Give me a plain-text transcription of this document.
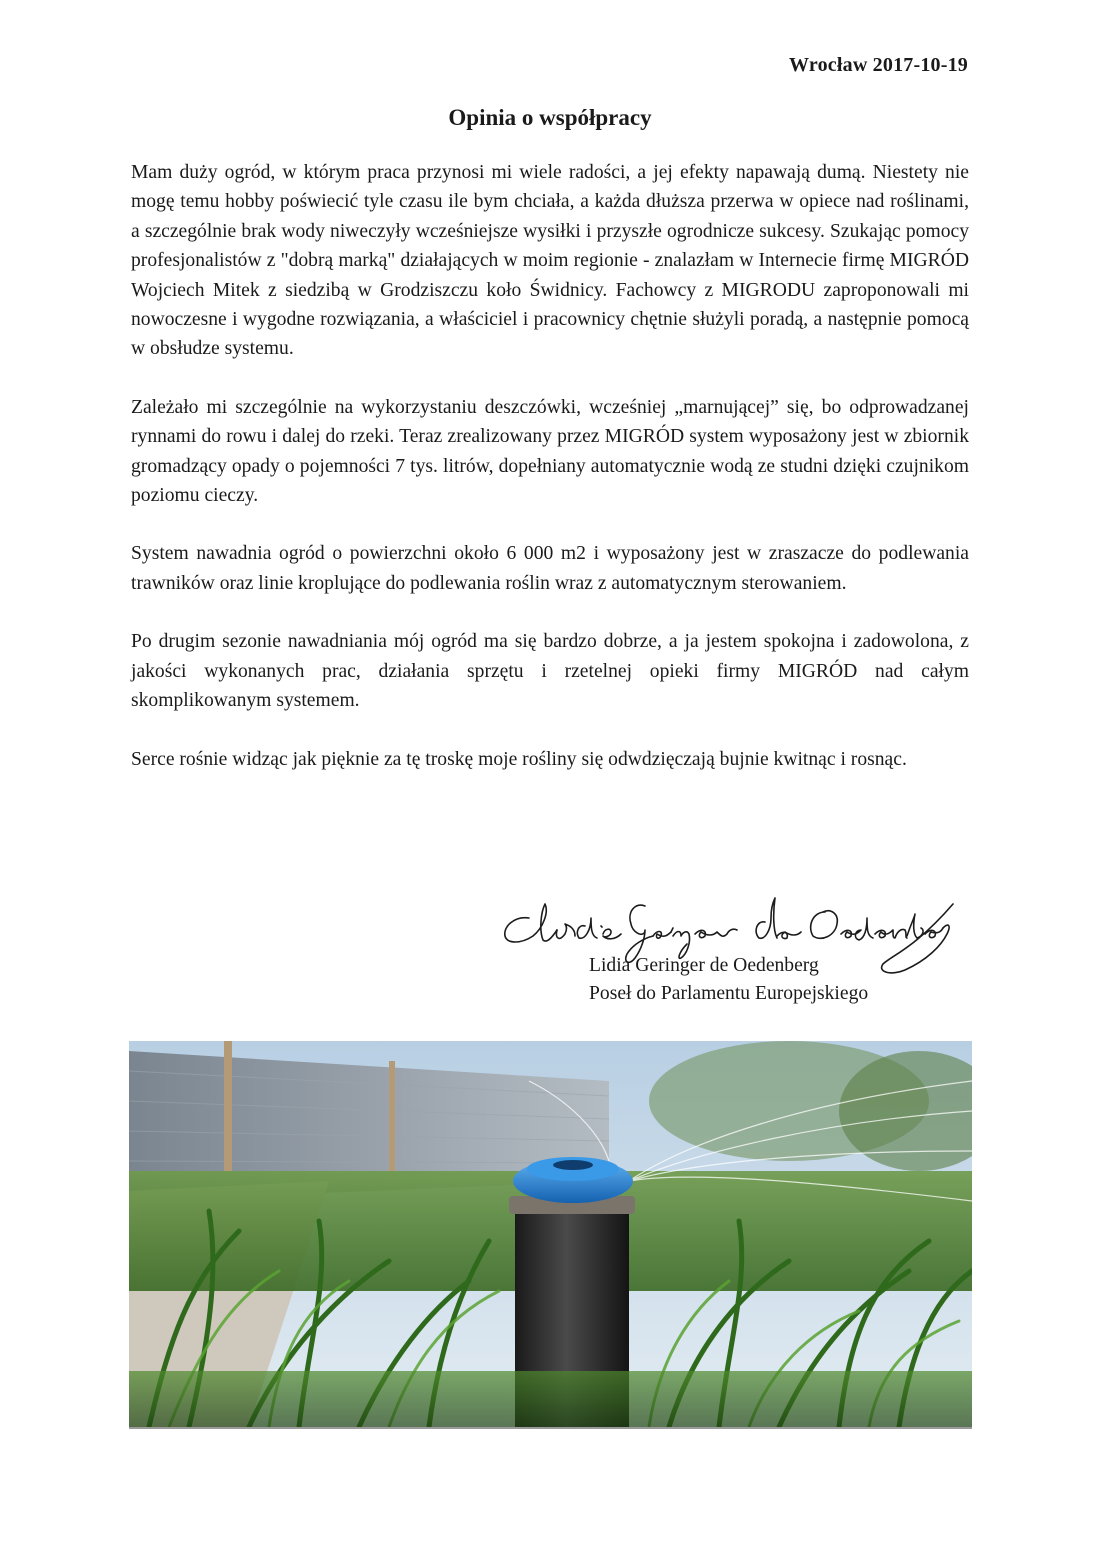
Wrocław 2017-10-19
Opinia o współpracy

Mam duży ogród, w którym praca przynosi mi wiele radości, a jej efekty napawają dumą. Niestety nie mogę temu hobby poświecić tyle czasu ile bym chciała, a każda dłuższa przerwa w opiece nad roślinami, a szczególnie brak wody niweczyły wcześniejsze wysiłki i przyszłe ogrodnicze sukcesy. Szukając pomocy profesjonalistów z "dobrą marką" działających w moim regionie - znalazłam w Internecie firmę MIGRÓD Wojciech Mitek z siedzibą w Grodziszczu koło Świdnicy. Fachowcy z MIGRODU zaproponowali mi nowoczesne i wygodne rozwiązania, a właściciel i pracownicy chętnie służyli poradą, a następnie pomocą w obsłudze systemu.

Zależało mi szczególnie na wykorzystaniu deszczówki, wcześniej „marnującej” się, bo odprowadzanej rynnami do rowu i dalej do rzeki. Teraz zrealizowany przez MIGRÓD system wyposażony jest w zbiornik gromadzący opady o pojemności 7 tys. litrów, dopełniany automatycznie wodą ze studni dzięki czujnikom poziomu cieczy.

System nawadnia ogród o powierzchni około 6 000 m2 i wyposażony jest w zraszacze do podlewania trawników oraz linie kroplujące do podlewania roślin wraz z automatycznym sterowaniem.

Po drugim sezonie nawadniania mój ogród ma się bardzo dobrze, a ja jestem spokojna i zadowolona, z jakości wykonanych prac, działania sprzętu i rzetelnej opieki firmy MIGRÓD nad całym skomplikowanym systemem.

Serce rośnie widząc jak pięknie za tę troskę moje rośliny się odwdzięczają bujnie kwitnąc i rosnąc.

Lidia Geringer de Oedenberg
Poseł do Parlamentu Europejskiego
